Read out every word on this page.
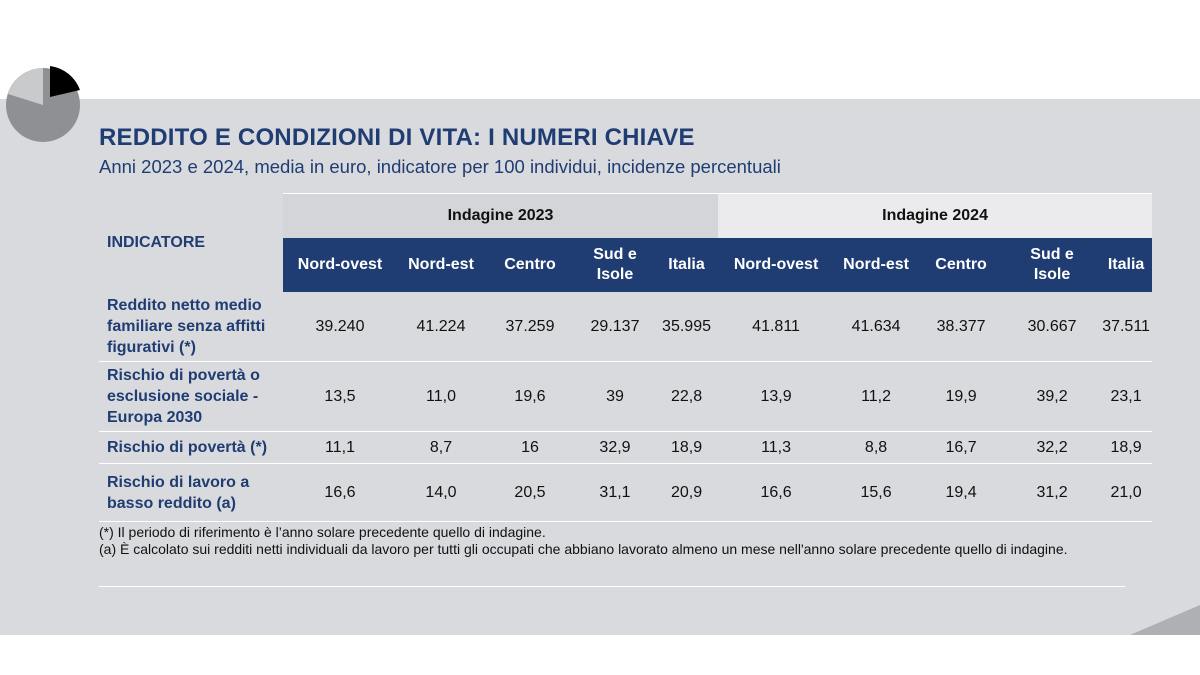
REDDITO E CONDIZIONI DI VITA: I NUMERI CHIAVE

Anni 2023 e 2024, media in euro, indicatore per 100 individui, incidenze percentuali

INDICATORE	Indagine 2023					Indagine 2024				
	Nord-ovest	Nord-est	Centro	Sud e Isole	Italia	Nord-ovest	Nord-est	Centro	Sud e Isole	Italia
Reddito netto medio familiare senza affitti figurativi (*)	39.240	41.224	37.259	29.137	35.995	41.811	41.634	38.377	30.667	37.511
Rischio di povertà o esclusione sociale - Europa 2030	13,5	11,0	19,6	39	22,8	13,9	11,2	19,9	39,2	23,1
Rischio di povertà (*)	11,1	8,7	16	32,9	18,9	11,3	8,8	16,7	32,2	18,9
Rischio di lavoro a basso reddito (a)	16,6	14,0	20,5	31,1	20,9	16,6	15,6	19,4	31,2	21,0

(*) Il periodo di riferimento è l’anno solare precedente quello di indagine.

(a) È calcolato sui redditi netti individuali da lavoro per tutti gli occupati che abbiano lavorato almeno un mese nell'anno solare precedente quello di indagine.
